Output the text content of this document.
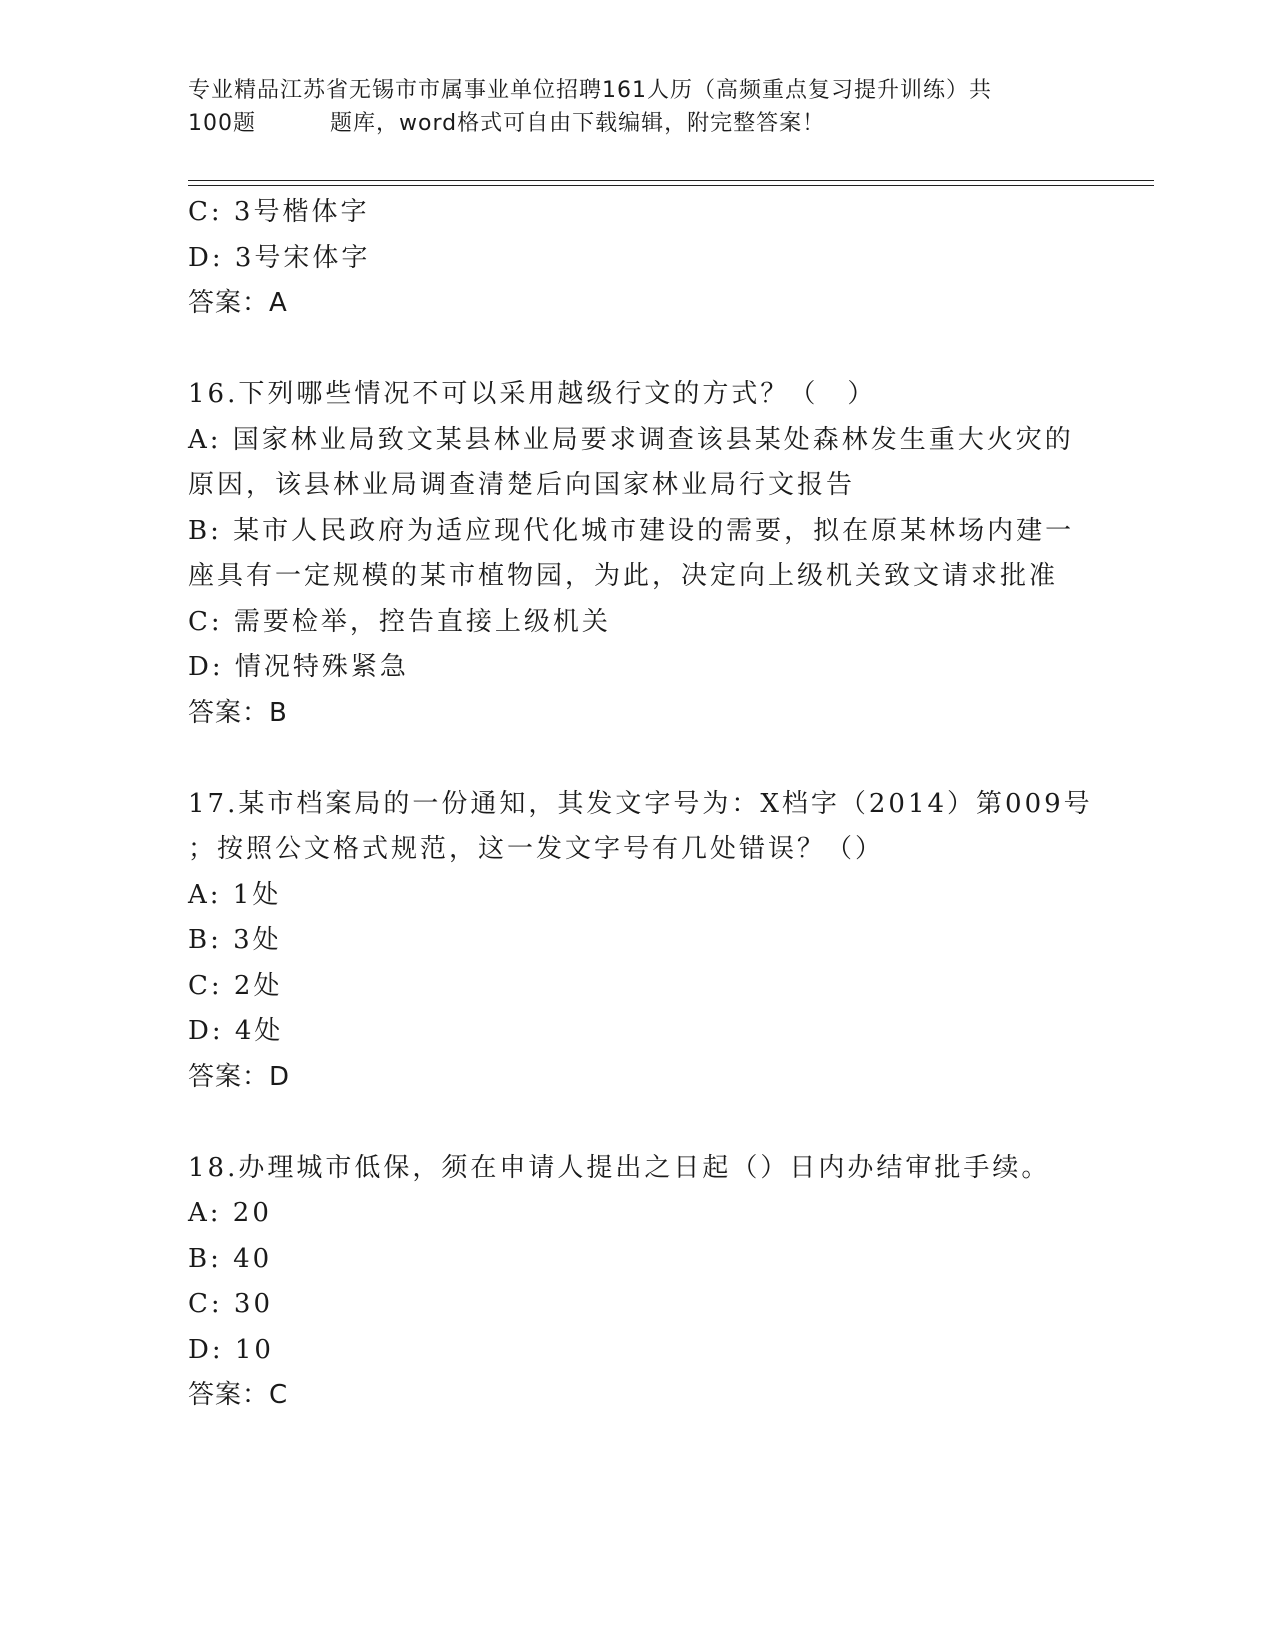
专业精品江苏省无锡市市属事业单位招聘161人历（高频重点复习提升训练）共
100题	题库，word格式可自由下载编辑，附完整答案！
C: 3号楷体字
D: 3号宋体字
答案：A
16.下列哪些情况不可以采用越级行文的方式？（　）
A: 国家林业局致文某县林业局要求调查该县某处森林发生重大火灾的
原因，该县林业局调查清楚后向国家林业局行文报告
B: 某市人民政府为适应现代化城市建设的需要，拟在原某林场内建一
座具有一定规模的某市植物园，为此，决定向上级机关致文请求批准
C: 需要检举，控告直接上级机关
D: 情况特殊紧急
答案：B
17.某市档案局的一份通知，其发文字号为：X档字（2014）第009号
；按照公文格式规范，这一发文字号有几处错误？（）
A: 1处
B: 3处
C: 2处
D: 4处
答案：D
18.办理城市低保，须在申请人提出之日起（）日内办结审批手续。
A: 20
B: 40
C: 30
D: 10
答案：C
